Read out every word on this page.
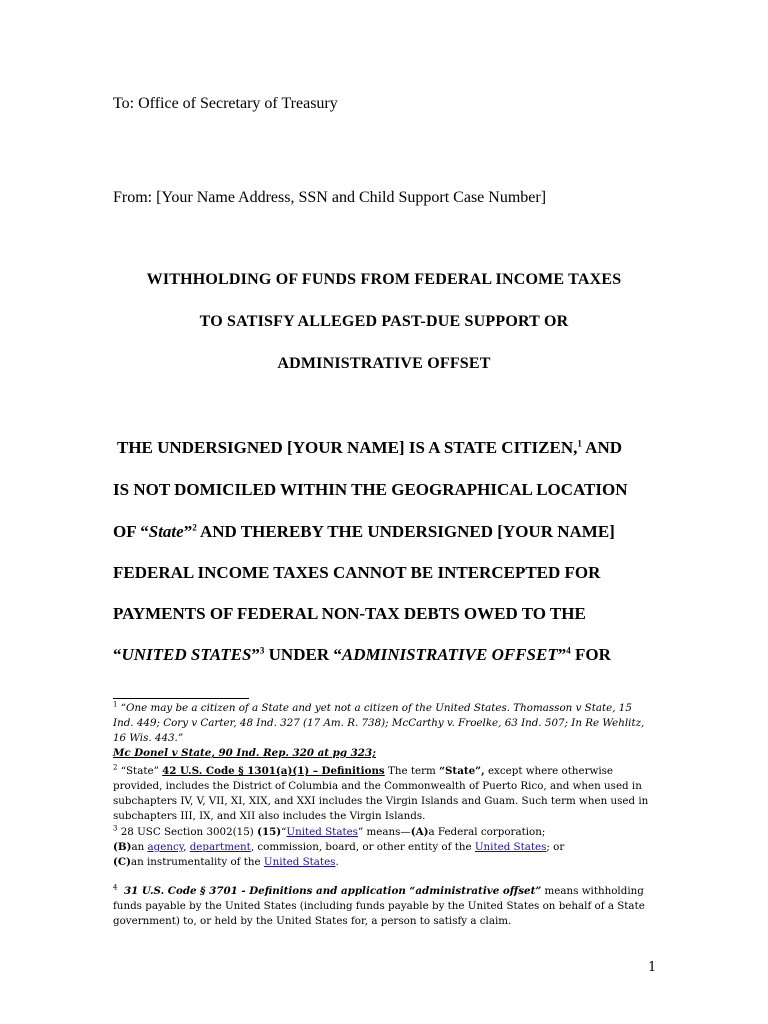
To: Office of Secretary of Treasury
From: [Your Name Address, SSN and Child Support Case Number]
WITHHOLDING OF FUNDS FROM FEDERAL INCOME TAXES
TO SATISFY ALLEGED PAST-DUE SUPPORT OR
ADMINISTRATIVE OFFSET
THE UNDERSIGNED [YOUR NAME] IS A STATE CITIZEN,$^1$ AND
IS NOT DOMICILED WITHIN THE GEOGRAPHICAL LOCATION
OF “State”$^2$ AND THEREBY THE UNDERSIGNED [YOUR NAME]
FEDERAL INCOME TAXES CANNOT BE INTERCEPTED FOR
PAYMENTS OF FEDERAL NON-TAX DEBTS OWED TO THE
“UNITED STATES”$^3$ UNDER “ADMINISTRATIVE OFFSET”$^4$ FOR
$^1$ “One may be a citizen of a State and yet not a citizen of the United States. Thomasson v State, 15 Ind. 449; Cory v Carter, 48 Ind. 327 (17 Am. R. 738); McCarthy v. Froelke, 63 Ind. 507; In Re Wehlitz, 16 Wis. 443.”
Mc Donel v State, 90 Ind. Rep. 320 at pg 323;
$^2$ “State” 42 U.S. Code § 1301(a)(1) – Definitions The term “State”, except where otherwise provided, includes the District of Columbia and the Commonwealth of Puerto Rico, and when used in subchapters IV, V, VII, XI, XIX, and XXI includes the Virgin Islands and Guam. Such term when used in subchapters III, IX, and XII also includes the Virgin Islands.
$^3$ 28 USC Section 3002(15) (15)“United States” means—(A)a Federal corporation;
(B)an agency, department, commission, board, or other entity of the United States; or
(C)an instrumentality of the United States.
$^4$ 31 U.S. Code § 3701 - Definitions and application “administrative offset” means withholding funds payable by the United States (including funds payable by the United States on behalf of a State government) to, or held by the United States for, a person to satisfy a claim.
1
